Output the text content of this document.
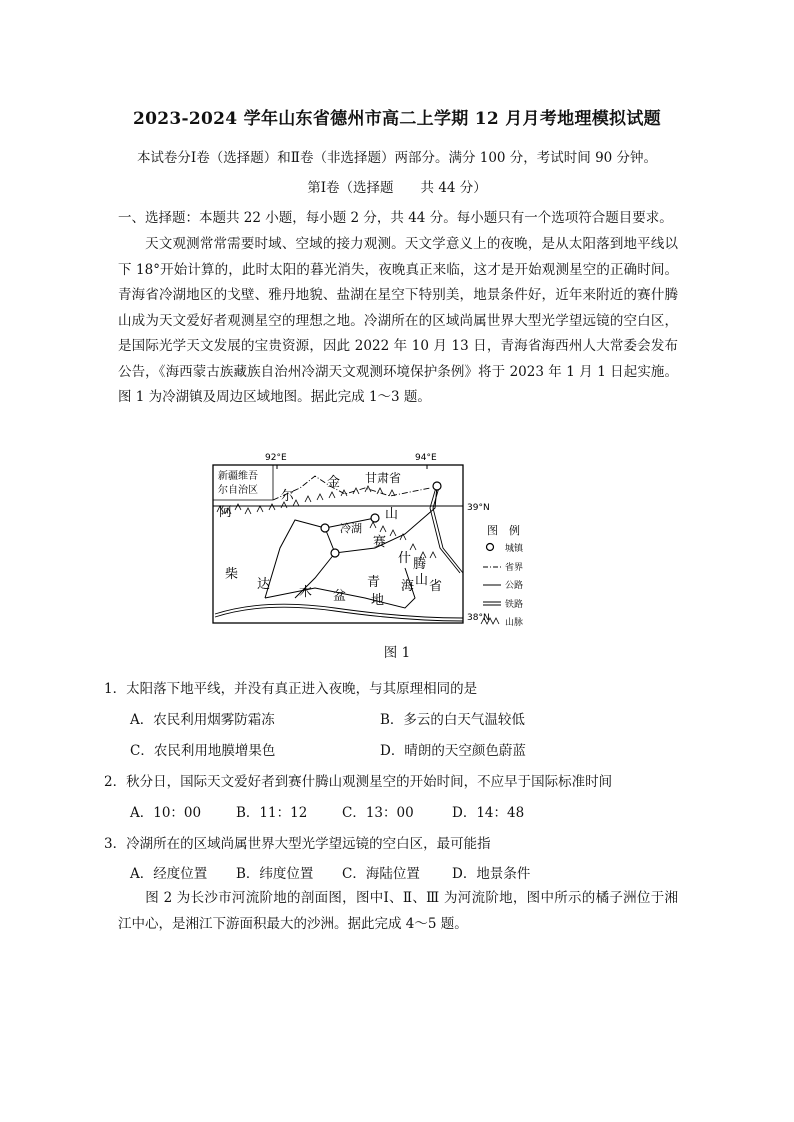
2023-2024 学年山东省德州市高二上学期 12 月月考地理模拟试题
本试卷分Ⅰ卷（选择题）和Ⅱ卷（非选择题）两部分。满分 100 分，考试时间 90 分钟。
第Ⅰ卷（选择题　　共 44 分）
一、选择题：本题共 22 小题，每小题 2 分，共 44 分。每小题只有一个选项符合题目要求。
天文观测常常需要时域、空域的接力观测。天文学意义上的夜晚，是从太阳落到地平线以下 18°开始计算的，此时太阳的暮光消失，夜晚真正来临，这才是开始观测星空的正确时间。青海省冷湖地区的戈壁、雅丹地貌、盐湖在星空下特别美，地景条件好，近年来附近的赛什腾山成为天文爱好者观测星空的理想之地。冷湖所在的区域尚属世界大型光学望远镜的空白区，是国际光学天文发展的宝贵资源，因此 2022 年 10 月 13 日，青海省海西州人大常委会发布公告，《海西蒙古族藏族自治州冷湖天文观测环境保护条例》将于 2023 年 1 月 1 日起实施。图 1 为冷湖镇及周边区域地图。据此完成 1～3 题。
92°E	94°E
39°N
38°N
新疆维吾
尔自治区
甘肃省
阿
尔
金
山
柴
达
木 盆 地
青
什
海 省
赛
腾
山
冷湖	图　例
城镇
省界
公路
铁路
山脉
图 1
1．太阳落下地平线，并没有真正进入夜晚，与其原理相同的是
A．农民利用烟雾防霜冻	B．多云的白天气温较低
C．农民利用地膜增果色	D．晴朗的天空颜色蔚蓝
2．秋分日，国际天文爱好者到赛什腾山观测星空的开始时间，不应早于国际标准时间
A．10：00	B．11：12	C．13：00	D．14：48
3．冷湖所在的区域尚属世界大型光学望远镜的空白区，最可能指
A．经度位置 B．纬度位置 C．海陆位置 D．地景条件
图 2 为长沙市河流阶地的剖面图，图中Ⅰ、Ⅱ、Ⅲ 为河流阶地，图中所示的橘子洲位于湘江中心，是湘江下游面积最大的沙洲。据此完成 4～5 题。
